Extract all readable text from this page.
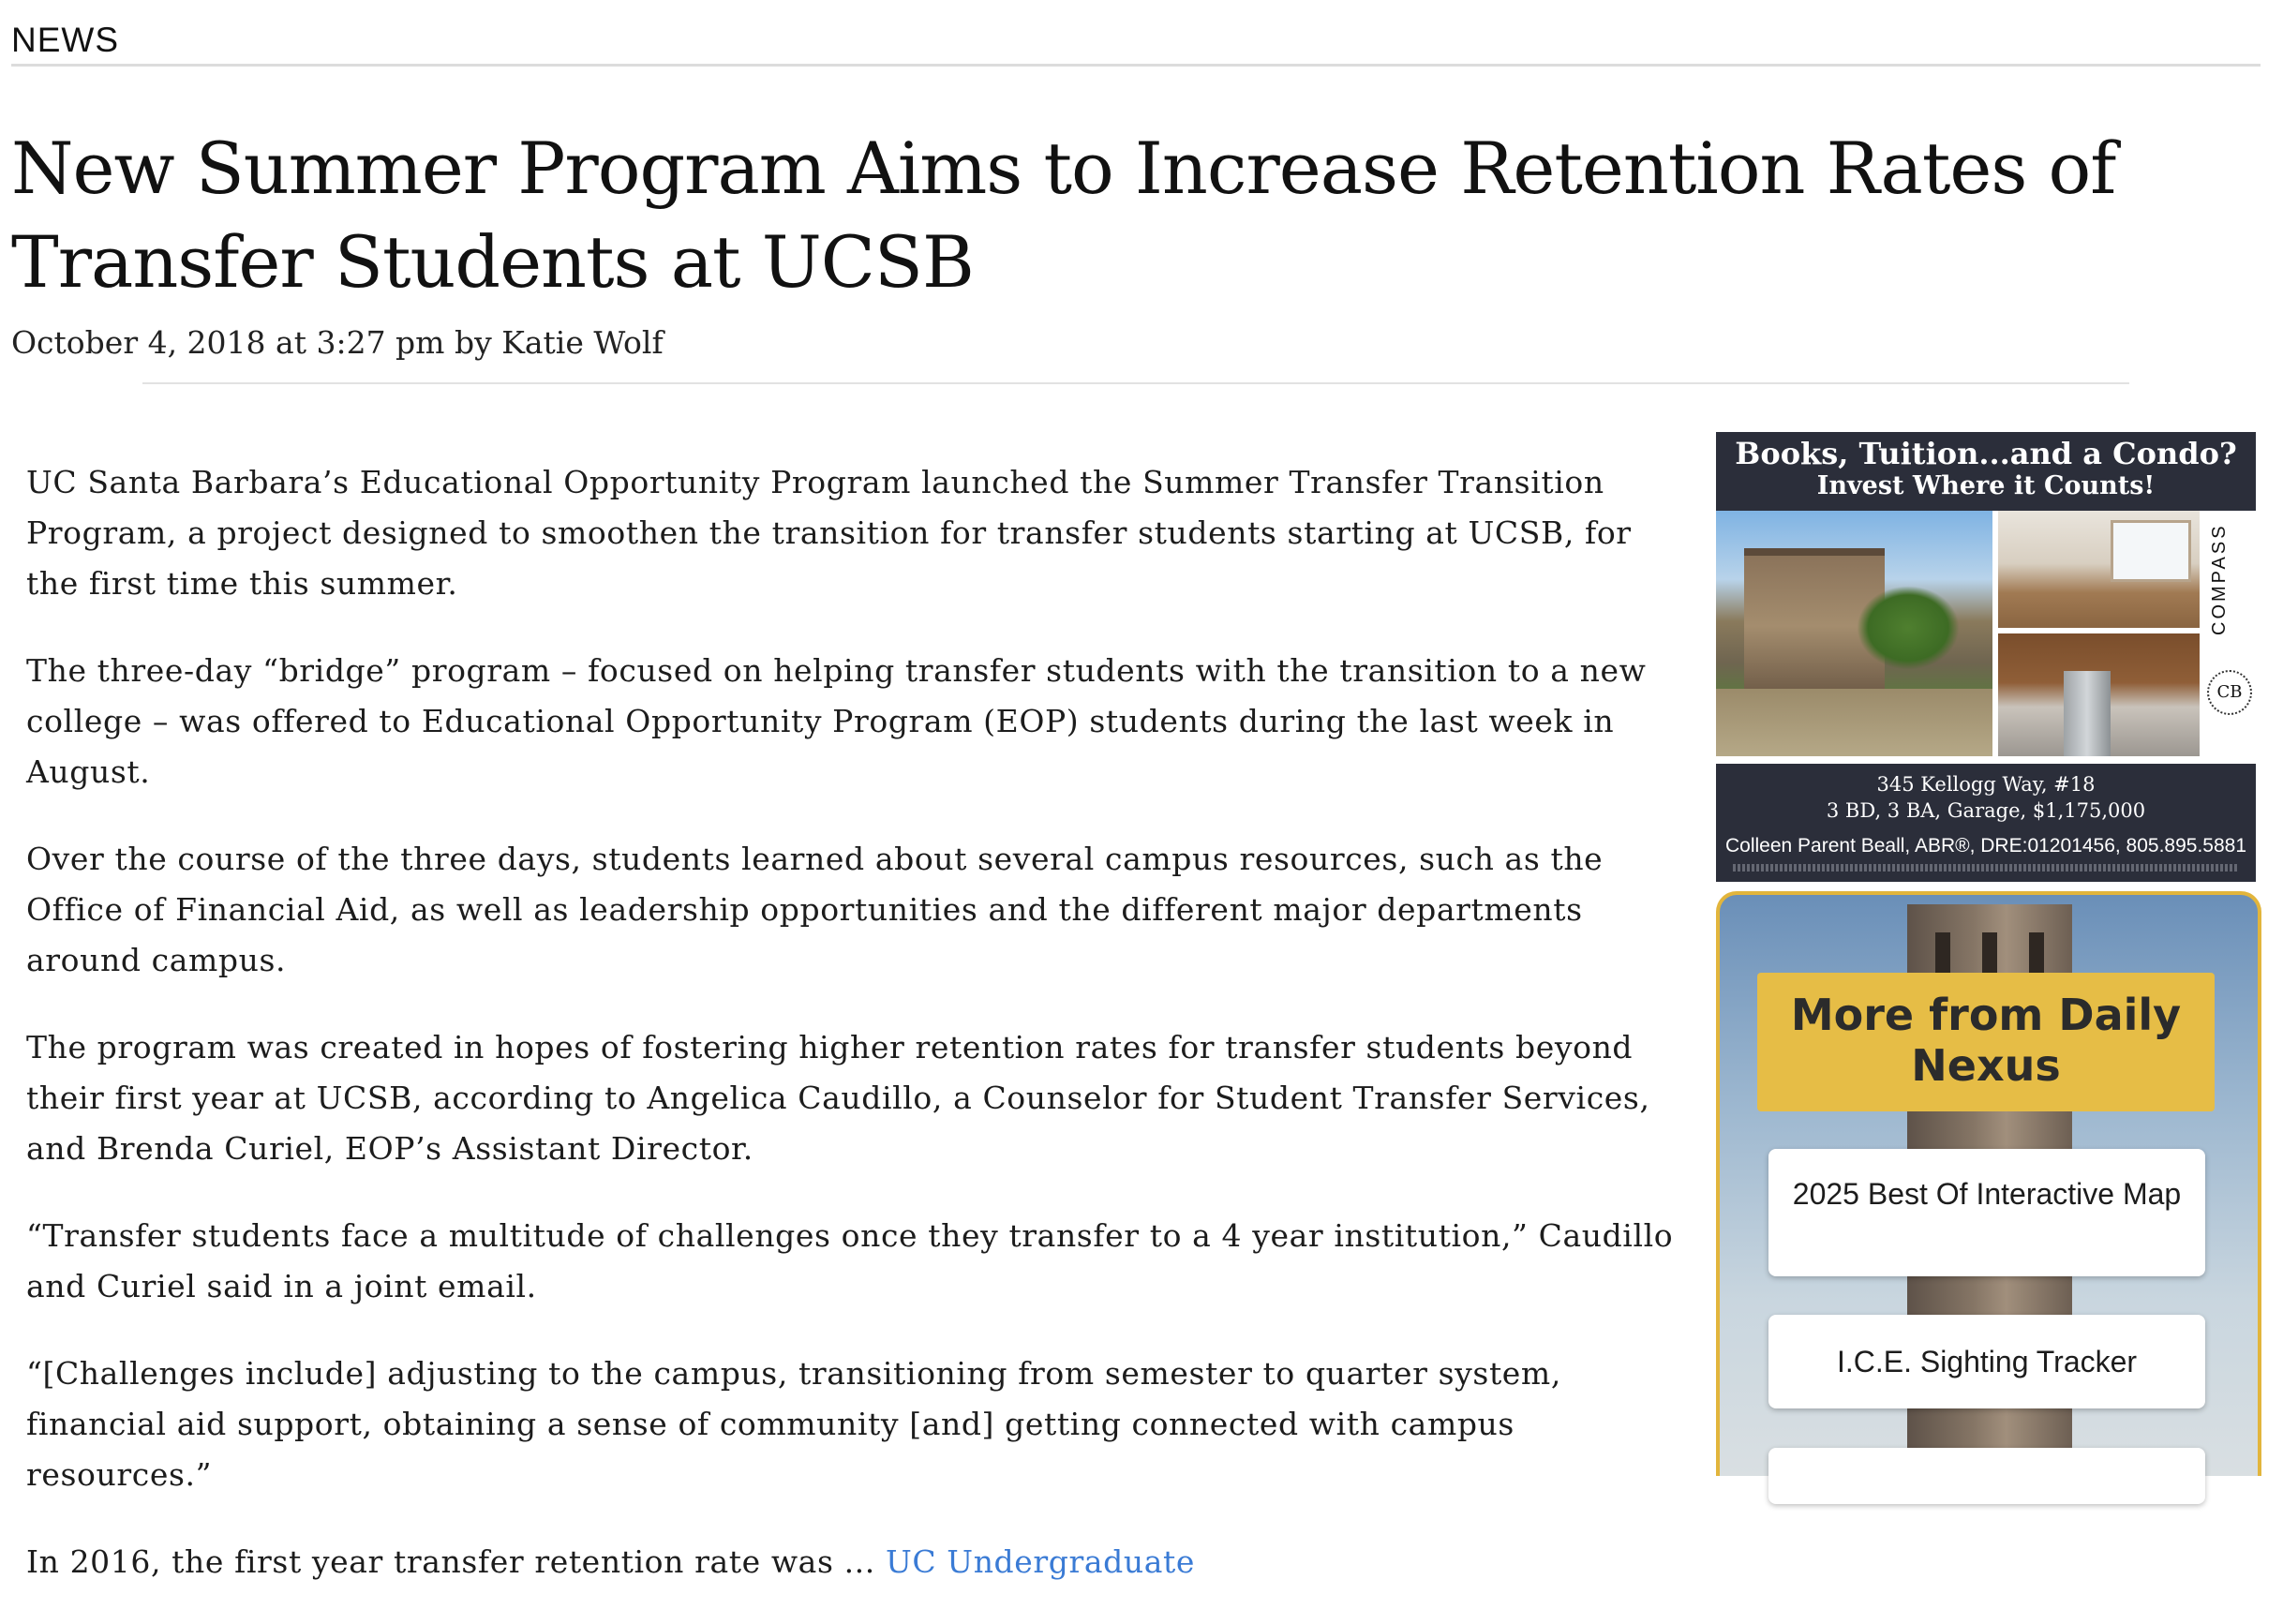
NEWS
New Summer Program Aims to Increase Retention Rates of Transfer Students at UCSB
October 4, 2018 at 3:27 pm by Katie Wolf

UC Santa Barbara’s Educational Opportunity Program launched the Summer Transfer Transition Program, a project designed to smoothen the transition for transfer students starting at UCSB, for the first time this summer.

The three-day “bridge” program – focused on helping transfer students with the transition to a new college – was offered to Educational Opportunity Program (EOP) students during the last week in August.

Over the course of the three days, students learned about several campus resources, such as the Office of Financial Aid, as well as leadership opportunities and the different major departments around campus.

The program was created in hopes of fostering higher retention rates for transfer students beyond their first year at UCSB, according to Angelica Caudillo, a Counselor for Student Transfer Services, and Brenda Curiel, EOP’s Assistant Director.

“Transfer students face a multitude of challenges once they transfer to a 4 year institution,” Caudillo and Curiel said in a joint email.

“[Challenges include] adjusting to the campus, transitioning from semester to quarter system, financial aid support, obtaining a sense of community [and] getting connected with campus resources.”

In 2016, the first year transfer retention rate was ... UC Undergraduate

Books, Tuition...and a Condo?
Invest Where it Counts!
COMPASS
CB
345 Kellogg Way, #18
3 BD, 3 BA, Garage, $1,175,000
Colleen Parent Beall, ABR®, DRE:01201456, 805.895.5881
More from Daily Nexus
2025 Best Of Interactive Map
I.C.E. Sighting Tracker
